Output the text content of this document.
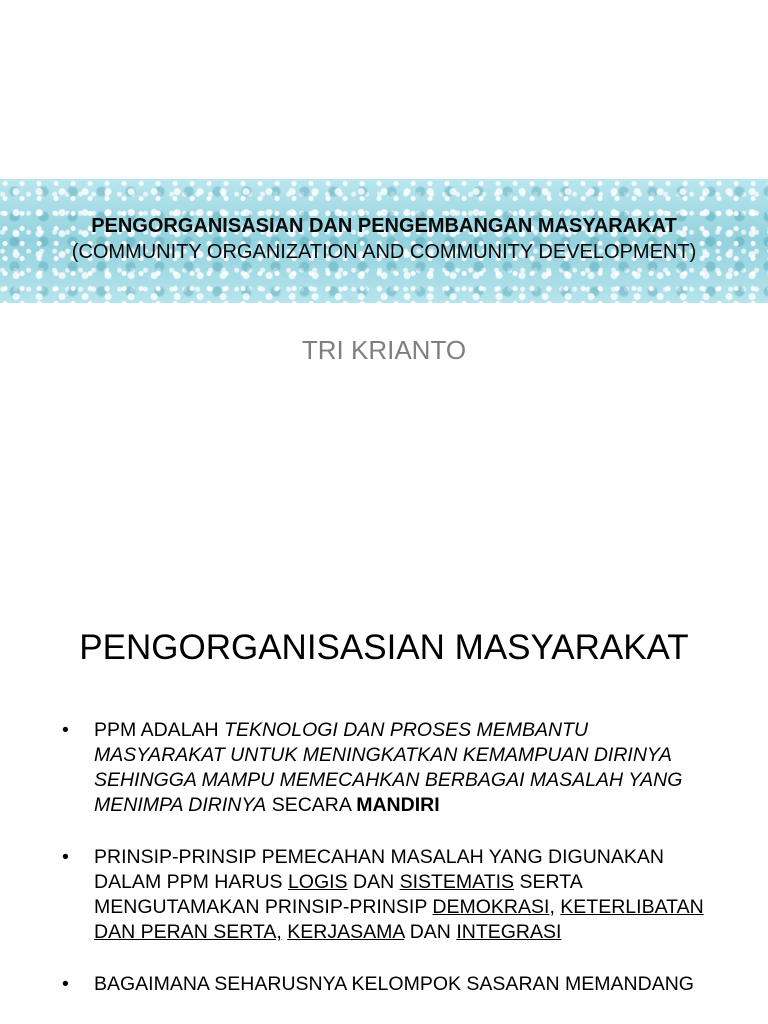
PENGORGANISASIAN DAN PENGEMBANGAN MASYARAKAT
(COMMUNITY ORGANIZATION AND COMMUNITY DEVELOPMENT)
TRI KRIANTO
PENGORGANISASIAN MASYARAKAT
• PPM ADALAH TEKNOLOGI DAN PROSES MEMBANTU MASYARAKAT UNTUK MENINGKATKAN KEMAMPUAN DIRINYA SEHINGGA MAMPU MEMECAHKAN BERBAGAI MASALAH YANG MENIMPA DIRINYA SECARA MANDIRI
• PRINSIP-PRINSIP PEMECAHAN MASALAH YANG DIGUNAKAN DALAM PPM HARUS LOGIS DAN SISTEMATIS SERTA MENGUTAMAKAN PRINSIP-PRINSIP DEMOKRASI, KETERLIBATAN DAN PERAN SERTA, KERJASAMA DAN INTEGRASI
• BAGAIMANA SEHARUSNYA KELOMPOK SASARAN MEMANDANG
